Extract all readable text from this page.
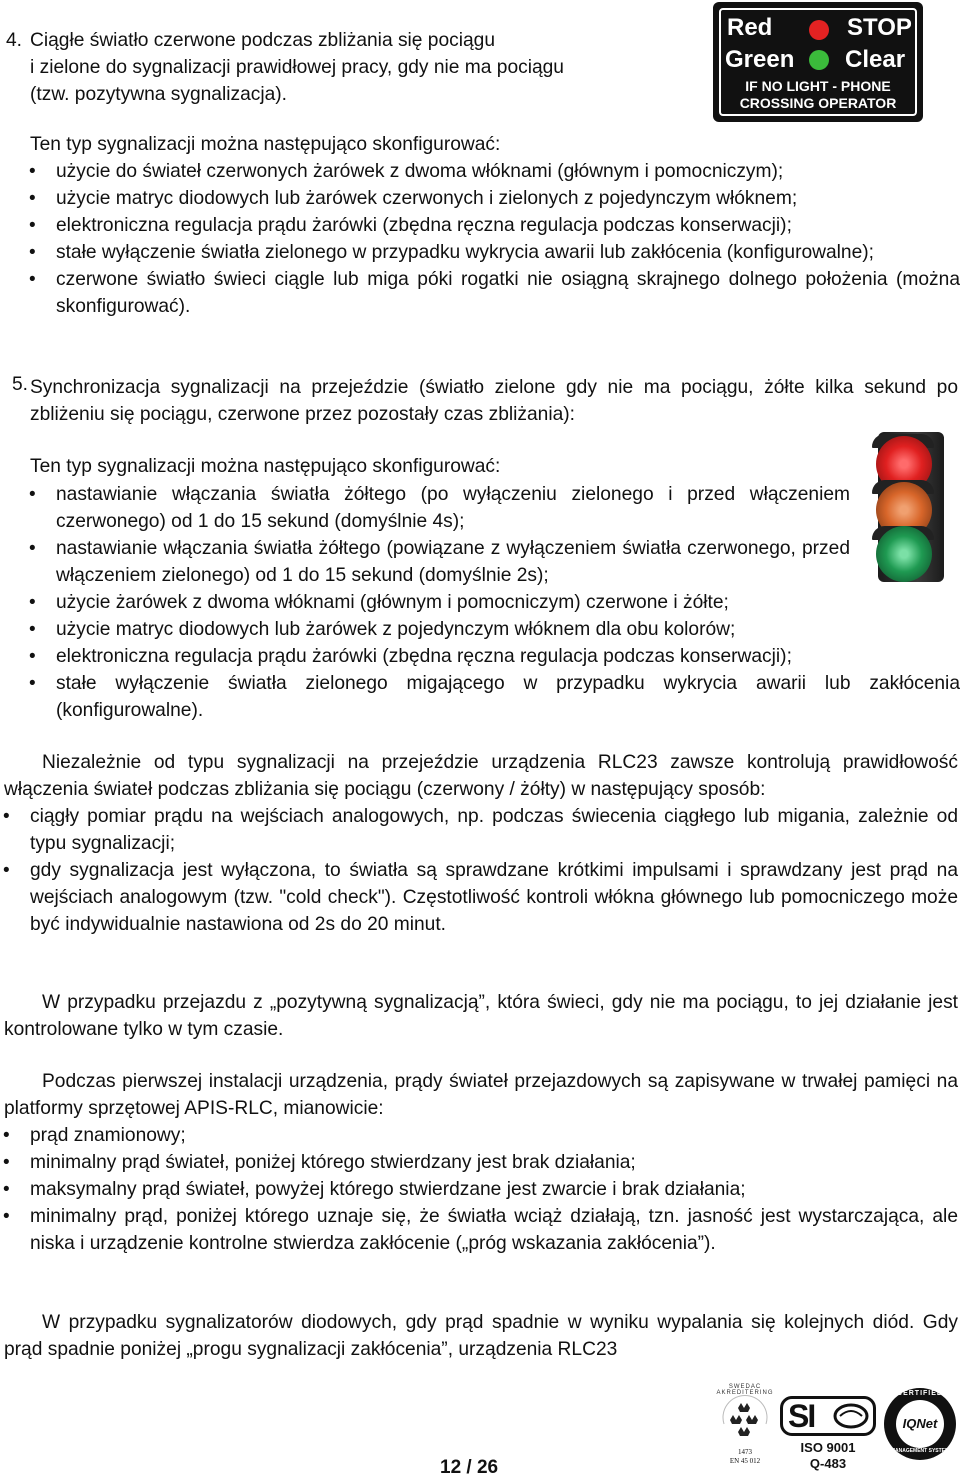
4. Ciągłe światło czerwone podczas zbliżania się pociągu
i zielone do sygnalizacji prawidłowej pracy, gdy nie ma pociągu
(tzw. pozytywna sygnalizacja).
Red	STOP
Green Clear
IF NO LIGHT - PHONE
CROSSING OPERATOR
Ten typ sygnalizacji można następująco skonfigurować:
• użycie do świateł czerwonych żarówek z dwoma włóknami (głównym i pomocniczym);
• użycie matryc diodowych lub żarówek czerwonych i zielonych z pojedynczym włóknem;
• elektroniczna regulacja prądu żarówki (zbędna ręczna regulacja podczas konserwacji);
• stałe wyłączenie światła zielonego w przypadku wykrycia awarii lub zakłócenia (konfigurowalne);
• czerwone światło świeci ciągle lub miga póki rogatki nie osiągną skrajnego dolnego położenia (można skonfigurować).
5. Synchronizacja sygnalizacji na przejeździe (światło zielone gdy nie ma pociągu, żółte kilka sekund po zbliżeniu się pociągu, czerwone przez pozostały czas zbliżania):

Ten typ sygnalizacji można następująco skonfigurować:
• nastawianie włączania światła żółtego (po wyłączeniu zielonego i przed włączeniem czerwonego) od 1 do 15 sekund (domyślnie 4s);
• nastawianie włączania światła żółtego (powiązane z wyłączeniem światła czerwonego, przed włączeniem zielonego) od 1 do 15 sekund (domyślnie 2s);
• użycie żarówek z dwoma włóknami (głównym i pomocniczym) czerwone i żółte;
• użycie matryc diodowych lub żarówek z pojedynczym włóknem dla obu kolorów;
• elektroniczna regulacja prądu żarówki (zbędna ręczna regulacja podczas konserwacji);
• stałe wyłączenie światła zielonego migającego w przypadku wykrycia awarii lub zakłócenia (konfigurowalne).

Niezależnie od typu sygnalizacji na przejeździe urządzenia RLC23 zawsze kontrolują prawidłowość włączenia świateł podczas zbliżania się pociągu (czerwony / żółty) w następujący sposób:

• ciągły pomiar prądu na wejściach analogowych, np. podczas świecenia ciągłego lub migania, zależnie od typu sygnalizacji;
• gdy sygnalizacja jest wyłączona, to światła są sprawdzane krótkimi impulsami i sprawdzany jest prąd na wejściach analogowym (tzw. "cold check"). Częstotliwość kontroli włókna głównego lub pomocniczego może być indywidualnie nastawiona od 2s do 20 minut.

W przypadku przejazdu z „pozytywną sygnalizacją”, która świeci, gdy nie ma pociągu, to jej działanie jest kontrolowane tylko w tym czasie.

Podczas pierwszej instalacji urządzenia, prądy świateł przejazdowych są zapisywane w trwałej pamięci na platformy sprzętowej APIS-RLC, mianowicie:

• prąd znamionowy;
• minimalny prąd świateł, poniżej którego stwierdzany jest brak działania;
• maksymalny prąd świateł, powyżej którego stwierdzane jest zwarcie i brak działania;
• minimalny prąd, poniżej którego uznaje się, że światła wciąż działają, tzn. jasność jest wystarczająca, ale niska i urządzenie kontrolne stwierdza zakłócenie („próg wskazania zakłócenia”).

W przypadku sygnalizatorów diodowych, gdy prąd spadnie w wyniku wypalania się kolejnych diód. Gdy prąd spadnie poniżej „progu sygnalizacji zakłócenia”, urządzenia RLC23

12 / 26
SWEDAC AKREDITERING
1473
EN 45 012
SI
ISO 9001
Q-483
CERTIFIED
IQNet
MANAGEMENT SYSTEM
